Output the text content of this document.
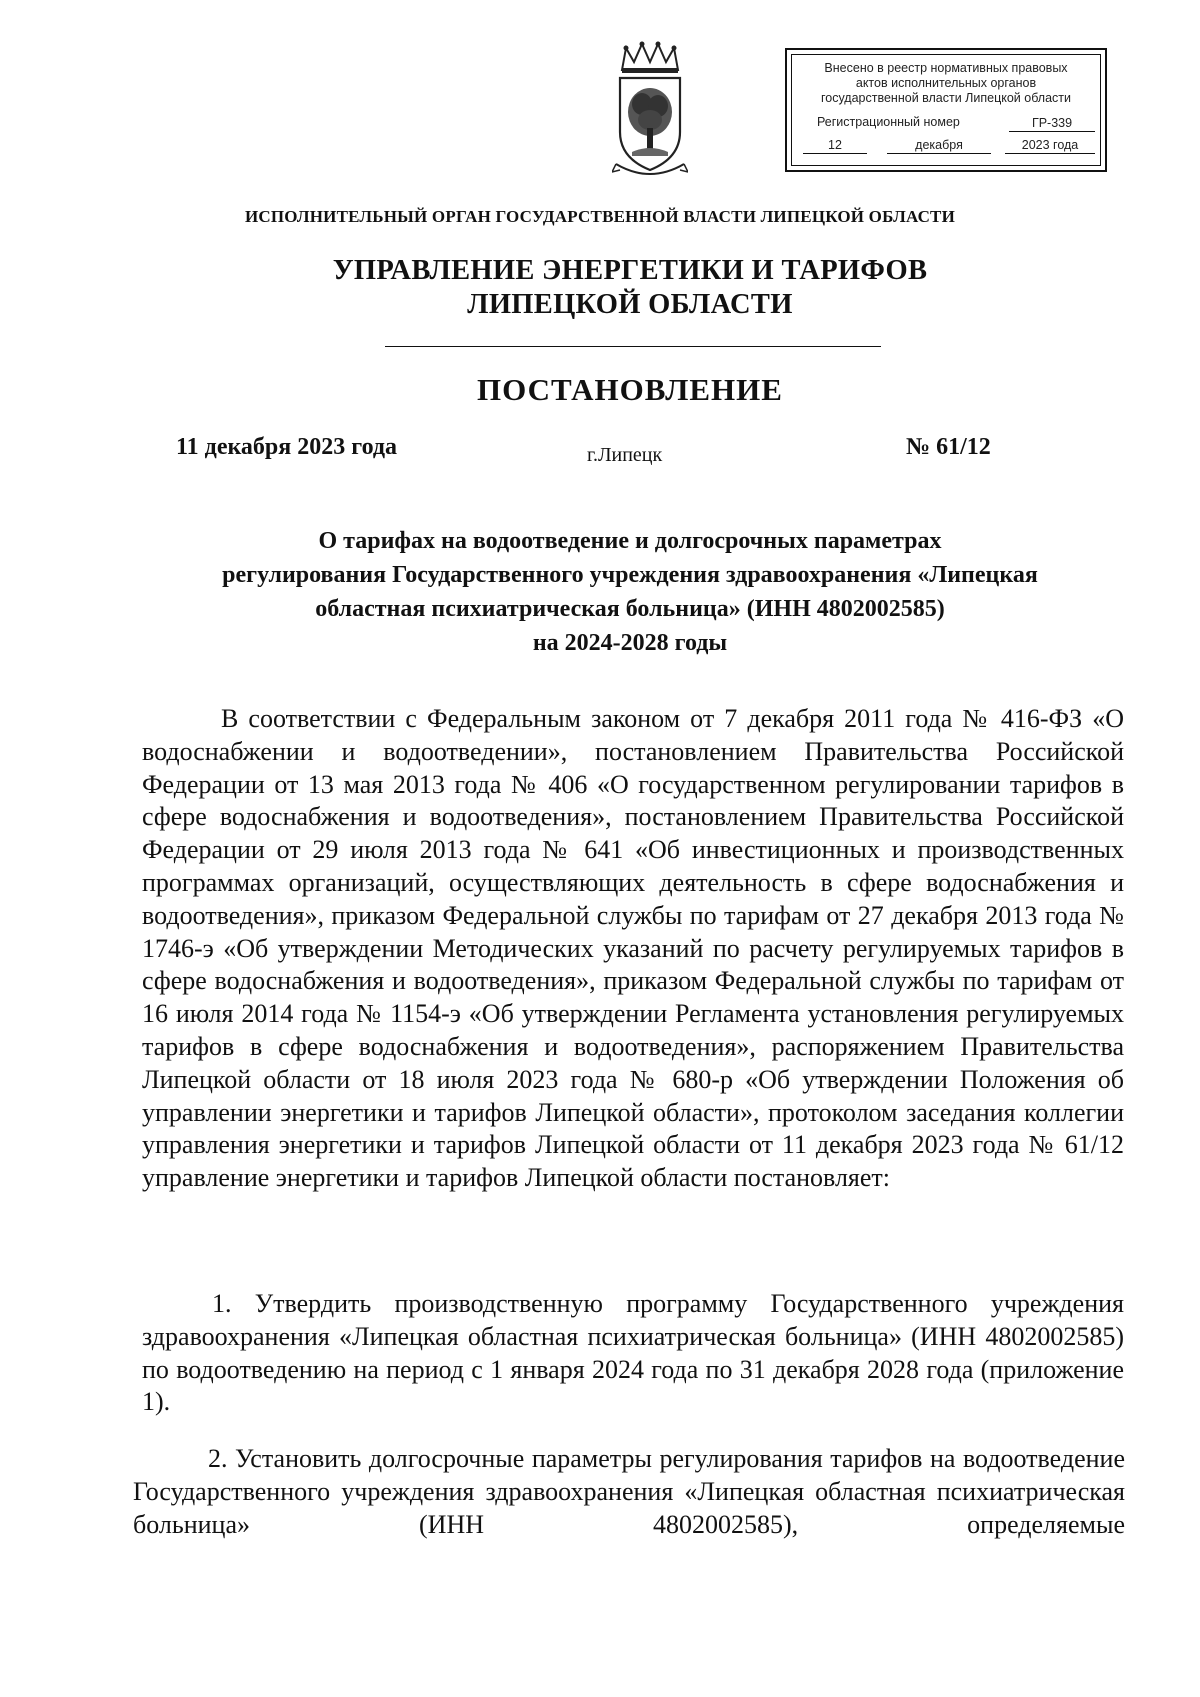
Внесено в реестр нормативных правовых
актов исполнительных органов
государственной власти Липецкой области
Регистрационный номер	ГР-339
12	декабря	2023 года
ИСПОЛНИТЕЛЬНЫЙ ОРГАН ГОСУДАРСТВЕННОЙ ВЛАСТИ ЛИПЕЦКОЙ ОБЛАСТИ
УПРАВЛЕНИЕ ЭНЕРГЕТИКИ И ТАРИФОВ
ЛИПЕЦКОЙ ОБЛАСТИ
ПОСТАНОВЛЕНИЕ
11 декабря 2023 года	г.Липецк	№ 61/12
О тарифах на водоотведение и долгосрочных параметрах
регулирования Государственного учреждения здравоохранения «Липецкая
областная психиатрическая больница» (ИНН 4802002585)
на 2024-2028 годы
В соответствии с Федеральным законом от 7 декабря 2011 года № 416-ФЗ «О водоснабжении и водоотведении», постановлением Правительства Российской Федерации от 13 мая 2013 года № 406 «О государственном регулировании тарифов в сфере водоснабжения и водоотведения», постановлением Правительства Российской Федерации от 29 июля 2013 года № 641 «Об инвестиционных и производственных программах организаций, осуществляющих деятельность в сфере водоснабжения и водоотведения», приказом Федеральной службы по тарифам от 27 декабря 2013 года № 1746-э «Об утверждении Методических указаний по расчету регулируемых тарифов в сфере водоснабжения и водоотведения», приказом Федеральной службы по тарифам от 16 июля 2014 года № 1154-э «Об утверждении Регламента установления регулируемых тарифов в сфере водоснабжения и водоотведения», распоряжением Правительства Липецкой области от 18 июля 2023 года № 680-р «Об утверждении Положения об управлении энергетики и тарифов Липецкой области», протоколом заседания коллегии управления энергетики и тарифов Липецкой области от 11 декабря 2023 года № 61/12 управление энергетики и тарифов Липецкой области постановляет:
1. Утвердить производственную программу Государственного учреждения здравоохранения «Липецкая областная психиатрическая больница» (ИНН 4802002585) по водоотведению на период с 1 января 2024 года по 31 декабря 2028 года (приложение 1).
2. Установить долгосрочные параметры регулирования тарифов на водоотведение Государственного учреждения здравоохранения «Липецкая областная психиатрическая больница» (ИНН 4802002585), определяемые
